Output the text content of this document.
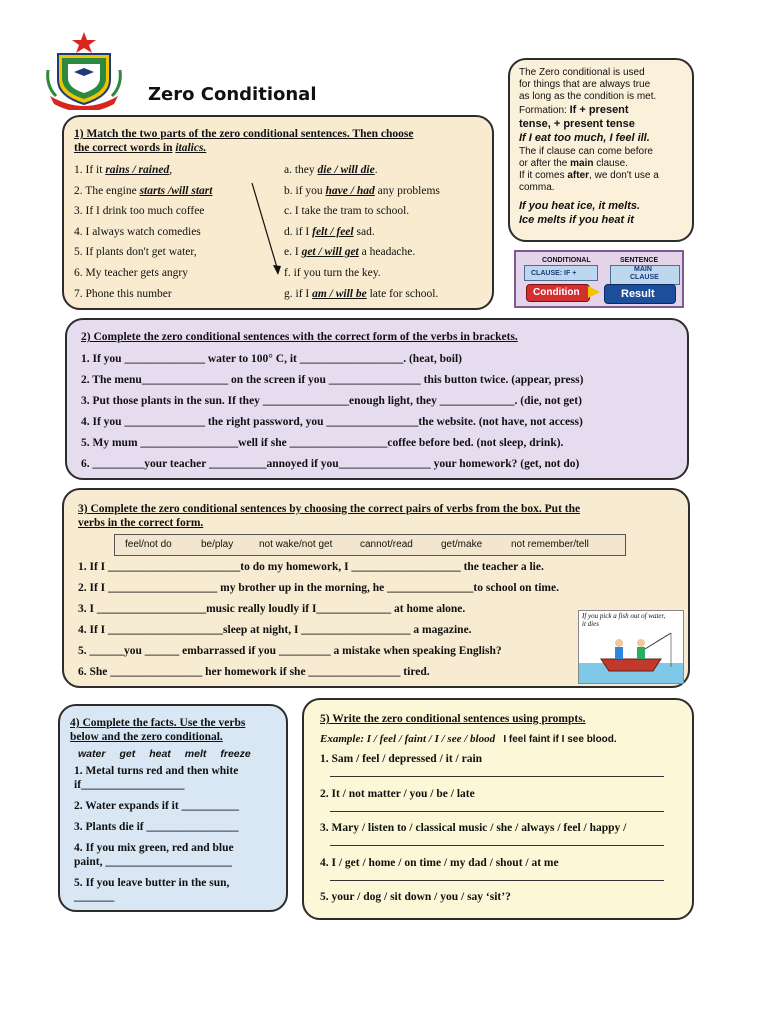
Zero Conditional
1) Match the two parts of the zero conditional sentences. Then choose
the correct words in italics.
1. If it rains / rained,
2. The engine starts /will start
3. If I drink too much coffee
4. I always watch comedies
5. If plants don't get water,
6. My teacher gets angry
7. Phone this number
a. they die / will die.
b. if you have / had any problems
c. I take the tram to school.
d. if I felt / feel sad.
e. I get / will get a headache.
f. if you turn the key.
g. if I am / will be late for school.
The Zero conditional is used
for things that are always true
as long as the condition is met.
Formation: If + present
tense, + present tense
If I eat too much, I feel ill.
The if clause can come before
or after the main clause.
If it comes after, we don't use a
comma.
If you heat ice, it melts.
Ice melts if you heat it
CONDITIONAL	SENTENCE
CLAUSE: IF +
MAIN
CLAUSE
Condition	Result
2) Complete the zero conditional sentences with the correct form of the verbs in brackets.
1. If you ______________ water to 100° C, it __________________. (heat, boil)
2. The menu_______________ on the screen if you ________________ this button twice. (appear, press)
3. Put those plants in the sun. If they _______________enough light, they _____________. (die, not get)
4. If you ______________ the right password, you ________________the website. (not have, not access)
5. My mum _________________well if she _________________coffee before bed. (not sleep, drink).
6. _________your teacher __________annoyed if you________________ your homework? (get, not do)
3) Complete the zero conditional sentences by choosing the correct pairs of verbs from the box. Put the
verbs in the correct form.
feel/not do	be/play	not wake/not get	cannot/read	get/make	not remember/tell
1. If I _______________________to do my homework, I ___________________ the teacher a lie.
2. If I ___________________ my brother up in the morning, he _______________to school on time.
3. I ___________________music really loudly if I_____________ at home alone.
4. If I ____________________sleep at night, I ___________________ a magazine.
5. ______you ______ embarrassed if you _________ a mistake when speaking English?
6. She ________________ her homework if she ________________ tired.
If you pick a fish out of water,
it dies
4) Complete the facts. Use the verbs
below and the zero conditional.
water get heat melt freeze
1. Metal turns red and then white
if__________________
2. Water expands if it __________
3. Plants die if ________________
4. If you mix green, red and blue
paint, ______________________
5. If you leave butter in the sun,
_______
5) Write the zero conditional sentences using prompts.
Example: I / feel / faint / I / see / blood I feel faint if I see blood.
1. Sam / feel / depressed / it / rain
2. It / not matter / you / be / late
3. Mary / listen to / classical music / she / always / feel / happy /
4. I / get / home / on time / my dad / shout / at me
5. your / dog / sit down / you / say ‘sit’?
